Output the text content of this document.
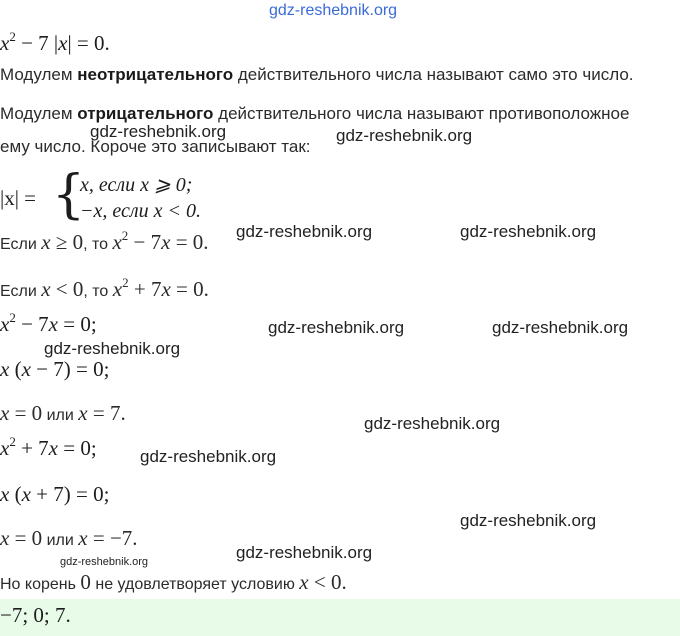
gdz-reshebnik.org
$x^2 - 7$ |x| = 0.
Модулем неотрицательного действительного числа называют само это число.
Модулем отрицательного действительного числа называют противоположное
ему число. Короче это записывают так:
gdz-reshebnik.org	gdz-reshebnik.org
|x| = {
x, если x ⩾ 0;
−x, если x < 0.
Если x ≥ 0, то $x^2 - 7x = 0$. gdz-reshebnik.org	gdz-reshebnik.org
Если x < 0, то $x^2 + 7x = 0$.
$x^2 - 7x = 0$;	gdz-reshebnik.org	gdz-reshebnik.org
gdz-reshebnik.org
x (x − 7) = 0;
x = 0 или x = 7.	gdz-reshebnik.org
$x^2 + 7x = 0$;	gdz-reshebnik.org
x (x + 7) = 0;
gdz-reshebnik.org
x = 0 или x = −7.
gdz-reshebnik.org
gdz-reshebnik.org
Но корень 0 не удовлетворяет условию x < 0.
−7; 0; 7.
